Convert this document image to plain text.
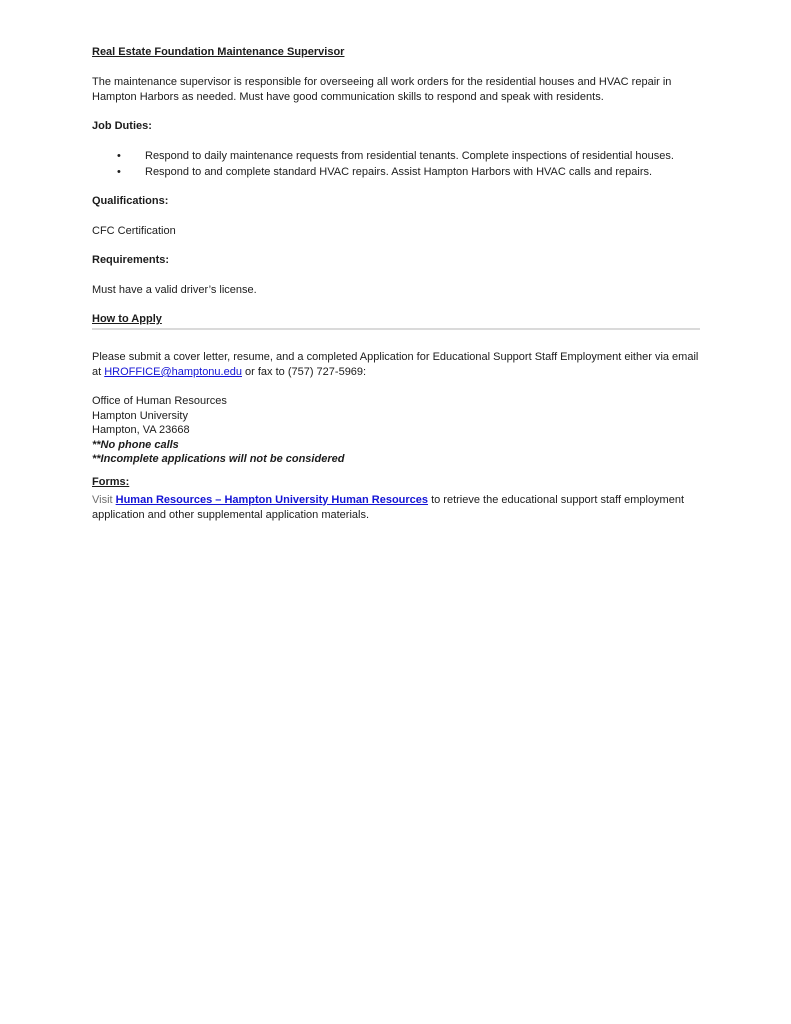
Real Estate Foundation Maintenance Supervisor

The maintenance supervisor is responsible for overseeing all work orders for the residential houses and HVAC repair in Hampton Harbors as needed. Must have good communication skills to respond and speak with residents.

Job Duties:
•	Respond to daily maintenance requests from residential tenants. Complete inspections of residential houses.
•	Respond to and complete standard HVAC repairs. Assist Hampton Harbors with HVAC calls and repairs.
Qualifications:

CFC Certification

Requirements:

Must have a valid driver’s license.

How to Apply

Please submit a cover letter, resume, and a completed Application for Educational Support Staff Employment either via email at HROFFICE@hamptonu.edu or fax to (757) 727-5969:

Office of Human Resources

Hampton University

Hampton, VA 23668

**No phone calls

**Incomplete applications will not be considered

Forms:

Visit Human Resources – Hampton University Human Resources to retrieve the educational support staff employment application and other supplemental application materials.
